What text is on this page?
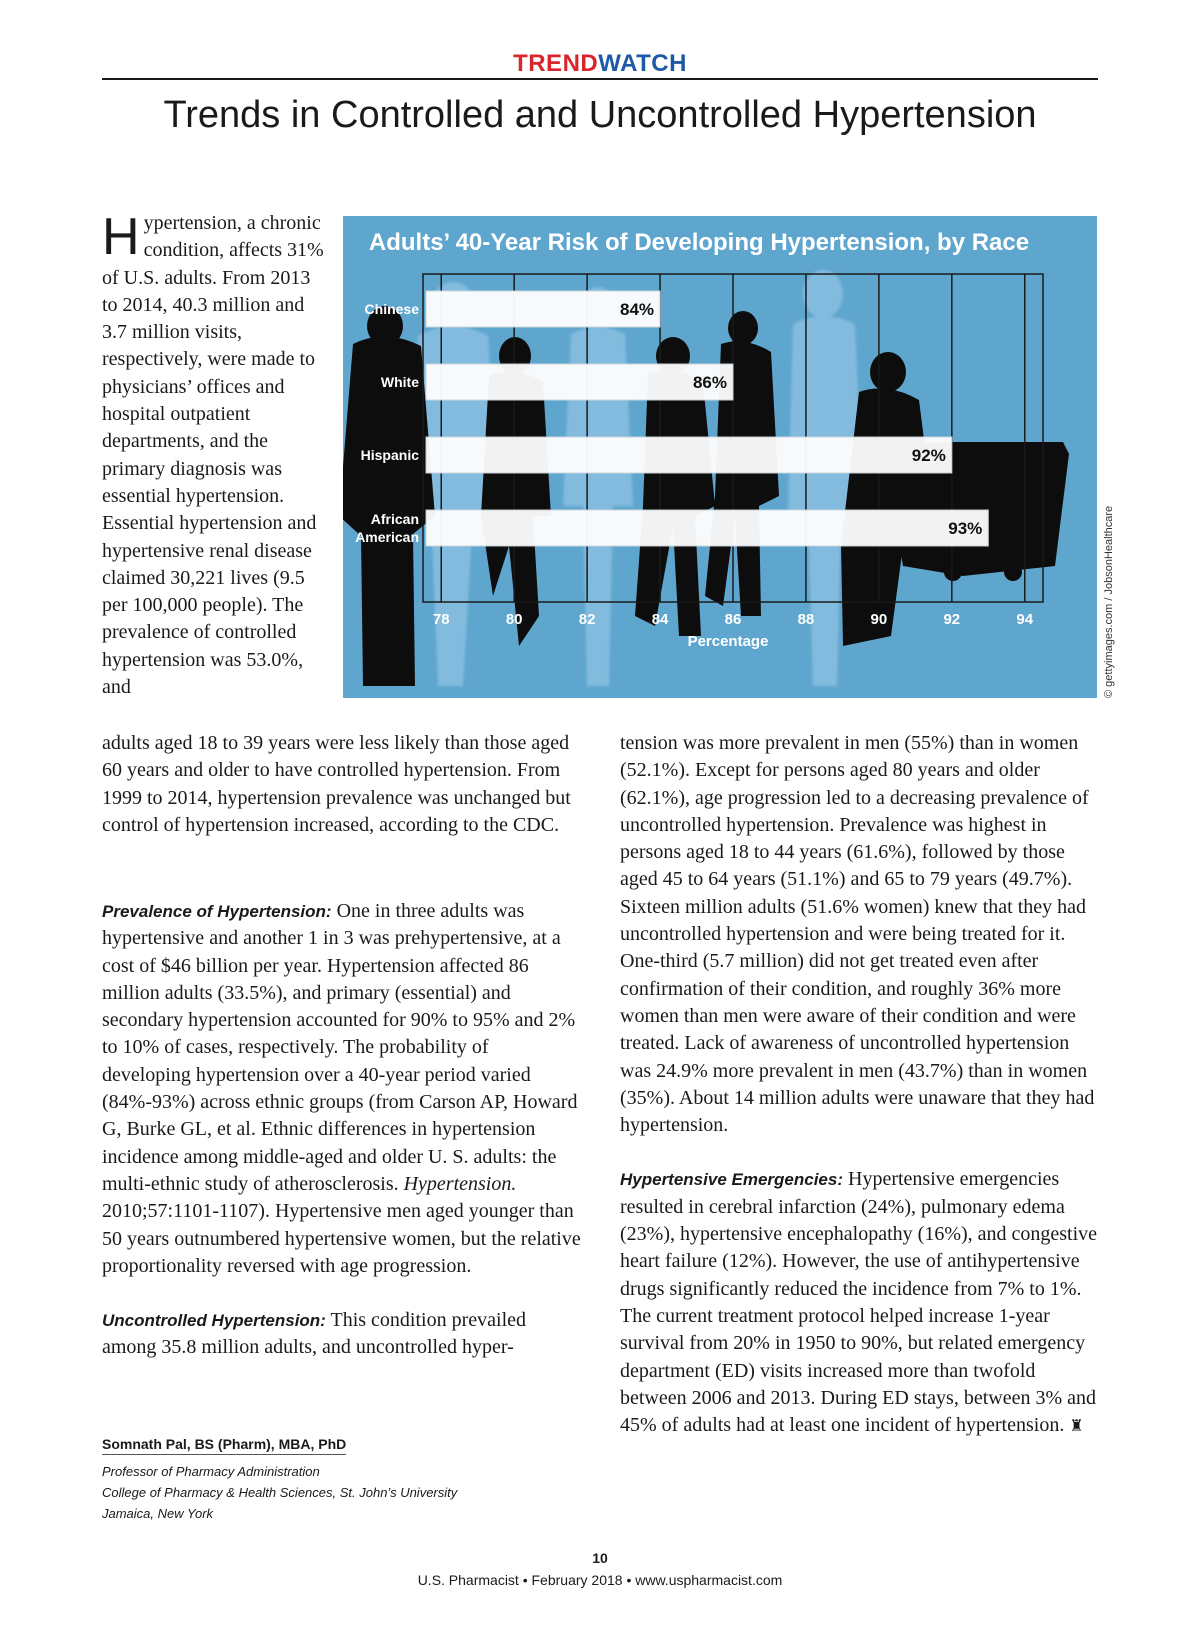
TRENDWATCH
Trends in Controlled and Uncontrolled Hypertension

Hypertension, a chronic condition, affects 31% of U.S. adults. From 2013 to 2014, 40.3 million and 3.7 million visits, respectively, were made to physicians’ offices and hospital outpatient departments, and the primary diagnosis was essential hypertension. Essential hypertension and hypertensive renal disease claimed 30,221 lives (9.5 per 100,000 people). The prevalence of controlled hypertension was 53.0%, and

78	80	82	84	86	88	90	92	94
84%
Chinese
86%
White
92%
Hispanic
93%
African
American
Adults’ 40-Year Risk of Developing Hypertension, by Race
Percentage	© gettyimages.com / JobsonHealthcare

adults aged 18 to 39 years were less likely than those aged 60 years and older to have controlled hypertension. From 1999 to 2014, hypertension prevalence was unchanged but control of hypertension increased, according to the CDC.

Prevalence of Hypertension: One in three adults was hypertensive and another 1 in 3 was prehypertensive, at a cost of $46 billion per year. Hypertension affected 86 million adults (33.5%), and primary (essential) and secondary hypertension accounted for 90% to 95% and 2% to 10% of cases, respectively. The probability of developing hypertension over a 40-year period varied (84%-93%) across ethnic groups (from Carson AP, Howard G, Burke GL, et al. Ethnic differences in hypertension incidence among middle-aged and older U. S. adults: the multi-ethnic study of atherosclerosis. Hypertension. 2010;57:1101-1107). Hypertensive men aged younger than 50 years outnumbered hypertensive women, but the relative proportionality reversed with age progression.

Uncontrolled Hypertension: This condition prevailed among 35.8 million adults, and uncontrolled hyper-

tension was more prevalent in men (55%) than in women (52.1%). Except for persons aged 80 years and older (62.1%), age progression led to a decreasing prevalence of uncontrolled hypertension. Prevalence was highest in persons aged 18 to 44 years (61.6%), followed by those aged 45 to 64 years (51.1%) and 65 to 79 years (49.7%). Sixteen million adults (51.6% women) knew that they had uncontrolled hypertension and were being treated for it. One-third (5.7 million) did not get treated even after confirmation of their condition, and roughly 36% more women than men were aware of their condition and were treated. Lack of awareness of uncontrolled hypertension was 24.9% more prevalent in men (43.7%) than in women (35%). About 14 million adults were unaware that they had hypertension.

Hypertensive Emergencies: Hypertensive emergencies resulted in cerebral infarction (24%), pulmonary edema (23%), hypertensive encephalopathy (16%), and congestive heart failure (12%). However, the use of antihypertensive drugs significantly reduced the incidence from 7% to 1%. The current treatment protocol helped increase 1-year survival from 20% in 1950 to 90%, but related emergency department (ED) visits increased more than twofold between 2006 and 2013. During ED stays, between 3% and 45% of adults had at least one incident of hypertension. ♜

Somnath Pal, BS (Pharm), MBA, PhD
Professor of Pharmacy Administration
College of Pharmacy & Health Sciences, St. John’s University
Jamaica, New York
10
U.S. Pharmacist • February 2018 • www.uspharmacist.com
